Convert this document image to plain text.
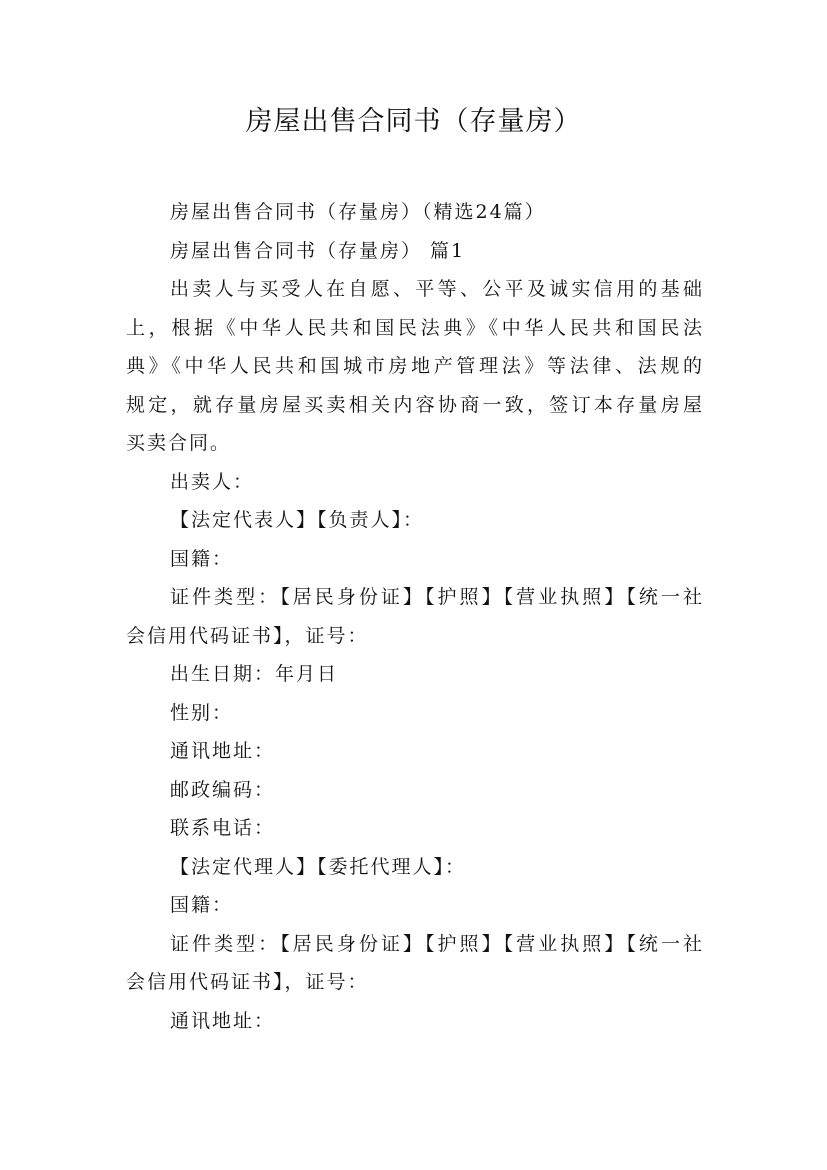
房屋出售合同书（存量房）
房屋出售合同书（存量房）（精选24篇）
房屋出售合同书（存量房） 篇1
出卖人与买受人在自愿、平等、公平及诚实信用的基础
上，根据《中华人民共和国民法典》《中华人民共和国民法
典》《中华人民共和国城市房地产管理法》等法律、法规的
规定，就存量房屋买卖相关内容协商一致，签订本存量房屋
买卖合同。
出卖人：
【法定代表人】【负责人】：
国籍：
证件类型：【居民身份证】【护照】【营业执照】【统一社
会信用代码证书】，证号：
出生日期：年月日
性别：
通讯地址：
邮政编码：
联系电话：
【法定代理人】【委托代理人】：
国籍：
证件类型：【居民身份证】【护照】【营业执照】【统一社
会信用代码证书】，证号：
通讯地址：
